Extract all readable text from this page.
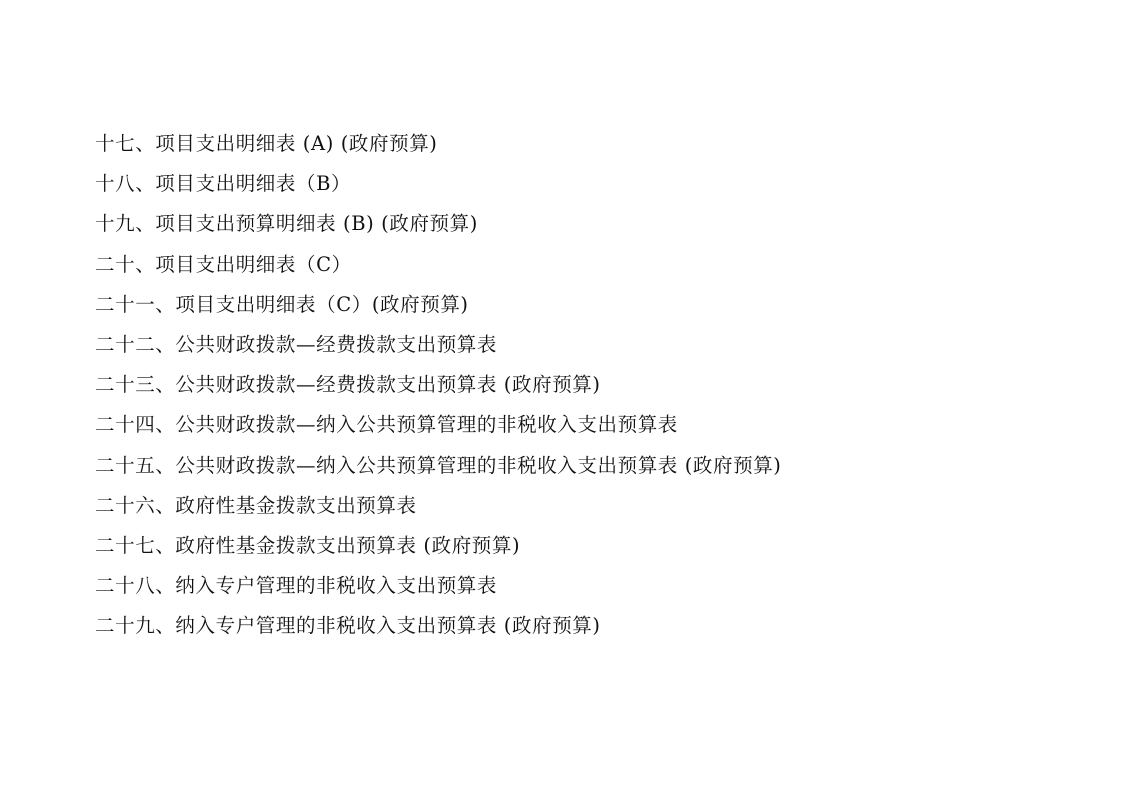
十七、项目支出明细表 (A) (政府预算)
十八、项目支出明细表（B）
十九、项目支出预算明细表 (B) (政府预算)
二十、项目支出明细表（C）
二十一、项目支出明细表（C）(政府预算)
二十二、公共财政拨款—经费拨款支出预算表
二十三、公共财政拨款—经费拨款支出预算表 (政府预算)
二十四、公共财政拨款—纳入公共预算管理的非税收入支出预算表
二十五、公共财政拨款—纳入公共预算管理的非税收入支出预算表 (政府预算)
二十六、政府性基金拨款支出预算表
二十七、政府性基金拨款支出预算表 (政府预算)
二十八、纳入专户管理的非税收入支出预算表
二十九、纳入专户管理的非税收入支出预算表 (政府预算)
